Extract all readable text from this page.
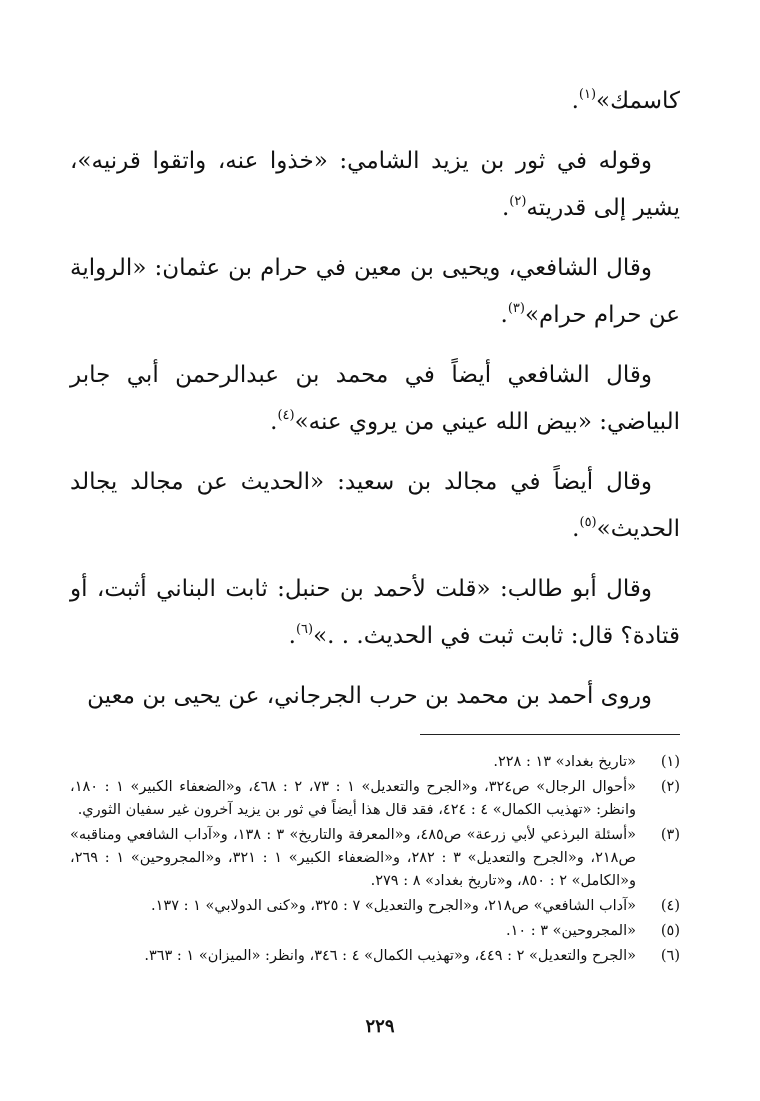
كاسمك»$^{(١)}$.

وقوله في ثور بن يزيد الشامي: «خذوا عنه، واتقوا قرنيه»، يشير إلى قدريته$^{(٢)}$.

وقال الشافعي، ويحيى بن معين في حرام بن عثمان: «الرواية عن حرام حرام»$^{(٣)}$.

وقال الشافعي أيضاً في محمد بن عبدالرحمن أبي جابر البياضي: «بيض الله عيني من يروي عنه»$^{(٤)}$.

وقال أيضاً في مجالد بن سعيد: «الحديث عن مجالد يجالد الحديث»$^{(٥)}$.

وقال أبو طالب: «قلت لأحمد بن حنبل: ثابت البناني أثبت، أو قتادة؟ قال: ثابت ثبت في الحديث. . .»$^{(٦)}$.

وروى أحمد بن محمد بن حرب الجرجاني، عن يحيى بن معين

(١)
«تاريخ بغداد» ١٣ : ٢٢٨.
(٢)
«أحوال الرجال» ص٣٢٤، و«الجرح والتعديل» ١ : ٧٣، ٢ : ٤٦٨، و«الضعفاء الكبير» ١ : ١٨٠، وانظر: «تهذيب الكمال» ٤ : ٤٢٤، فقد قال هذا أيضاً في ثور بن يزيد آخرون غير سفيان الثوري.
(٣)
«أسئلة البرذعي لأبي زرعة» ص٤٨٥، و«المعرفة والتاريخ» ٣ : ١٣٨، و«آداب الشافعي ومناقبه» ص٢١٨، و«الجرح والتعديل» ٣ : ٢٨٢، و«الضعفاء الكبير» ١ : ٣٢١، و«المجروحين» ١ : ٢٦٩، و«الكامل» ٢ : ٨٥٠، و«تاريخ بغداد» ٨ : ٢٧٩.
(٤)
«آداب الشافعي» ص٢١٨، و«الجرح والتعديل» ٧ : ٣٢٥، و«كنى الدولابي» ١ : ١٣٧.
(٥)
«المجروحين» ٣ : ١٠.
(٦)
«الجرح والتعديل» ٢ : ٤٤٩، و«تهذيب الكمال» ٤ : ٣٤٦، وانظر: «الميزان» ١ : ٣٦٣.
٢٢٩
